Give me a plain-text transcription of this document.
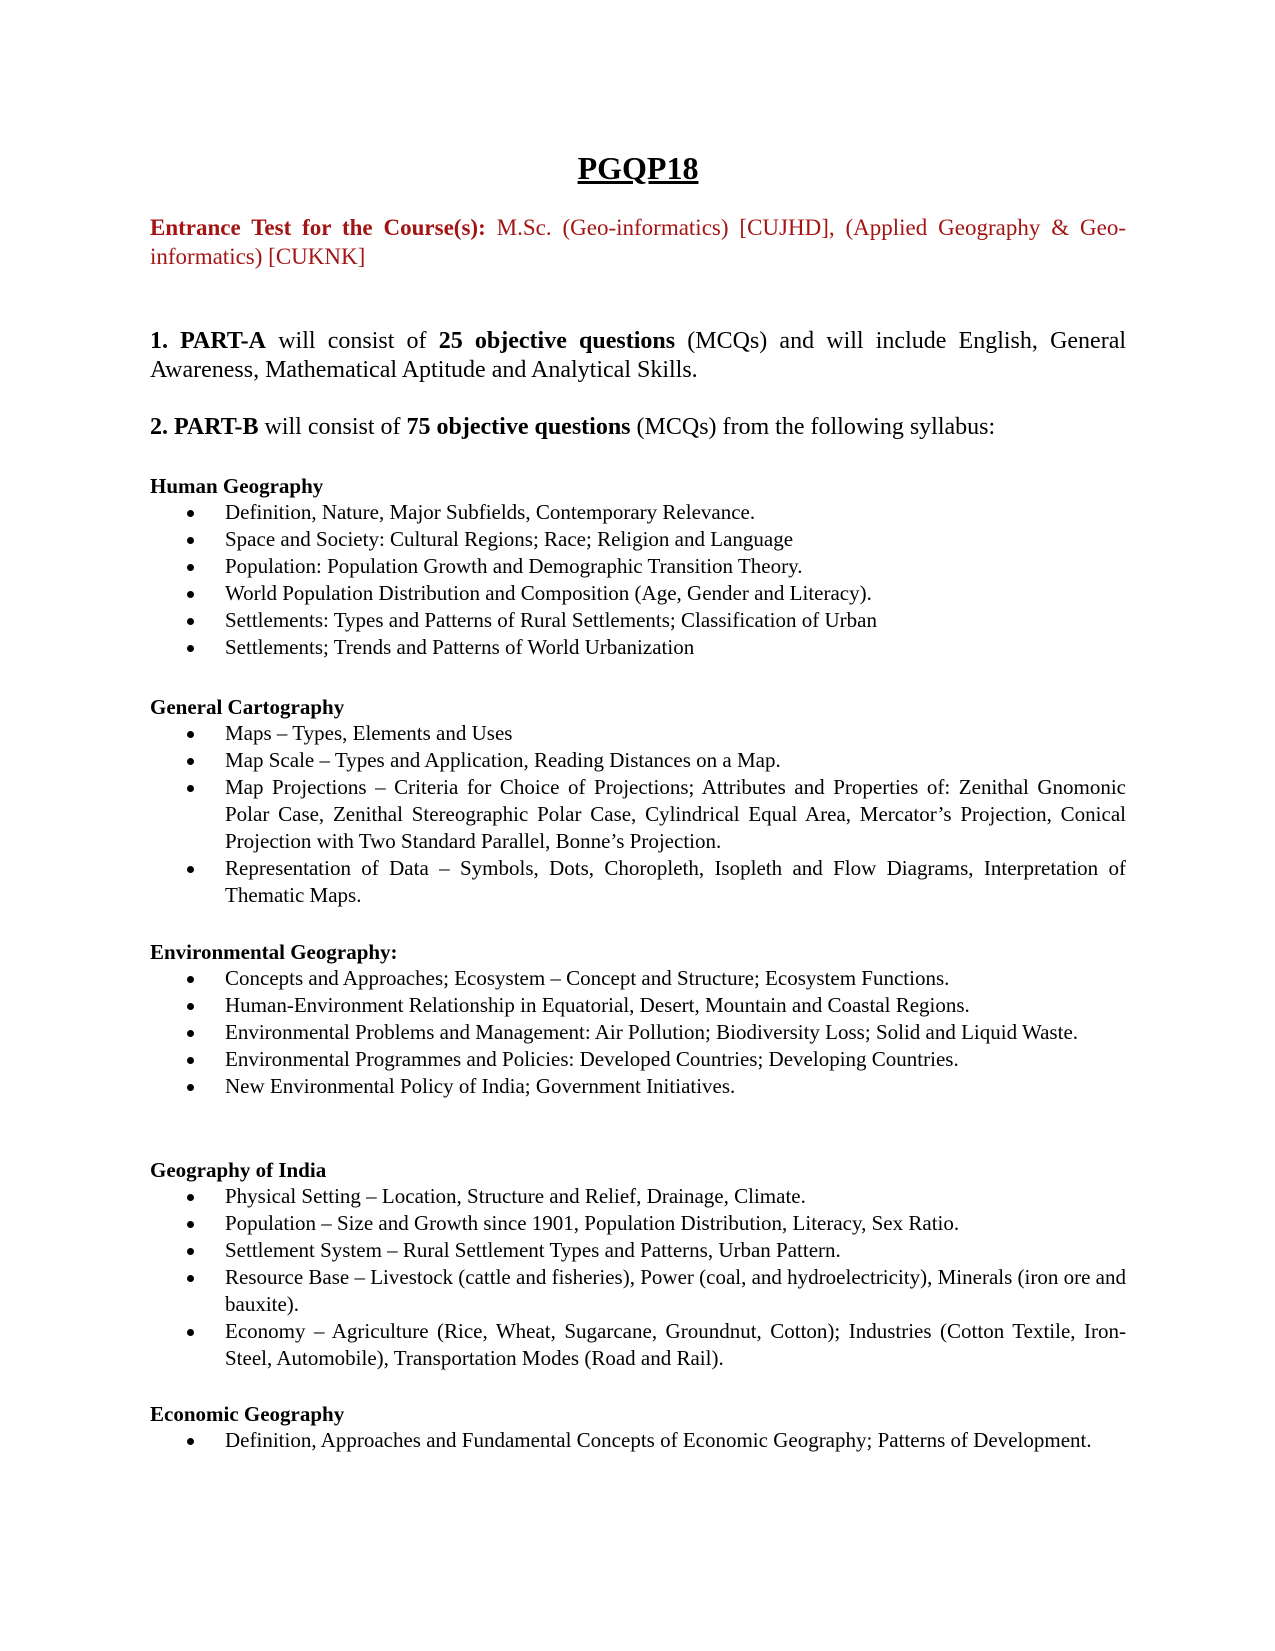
PGQP18
Entrance Test for the Course(s): M.Sc. (Geo-informatics) [CUJHD], (Applied Geography & Geo-informatics) [CUKNK]

1. PART-A will consist of 25 objective questions (MCQs) and will include English, General Awareness, Mathematical Aptitude and Analytical Skills.

2. PART-B will consist of 75 objective questions (MCQs) from the following syllabus:

Human Geography
Definition, Nature, Major Subfields, Contemporary Relevance.
Space and Society: Cultural Regions; Race; Religion and Language
Population: Population Growth and Demographic Transition Theory.
World Population Distribution and Composition (Age, Gender and Literacy).
Settlements: Types and Patterns of Rural Settlements; Classification of Urban
Settlements; Trends and Patterns of World Urbanization
General Cartography
Maps – Types, Elements and Uses
Map Scale – Types and Application, Reading Distances on a Map.
Map Projections – Criteria for Choice of Projections; Attributes and Properties of: Zenithal Gnomonic Polar Case, Zenithal Stereographic Polar Case, Cylindrical Equal Area, Mercator’s Projection, Conical Projection with Two Standard Parallel, Bonne’s Projection.
Representation of Data – Symbols, Dots, Choropleth, Isopleth and Flow Diagrams, Interpretation of Thematic Maps.
Environmental Geography:
Concepts and Approaches; Ecosystem – Concept and Structure; Ecosystem Functions.
Human-Environment Relationship in Equatorial, Desert, Mountain and Coastal Regions.
Environmental Problems and Management: Air Pollution; Biodiversity Loss; Solid and Liquid Waste.
Environmental Programmes and Policies: Developed Countries; Developing Countries.
New Environmental Policy of India; Government Initiatives.
Geography of India
Physical Setting – Location, Structure and Relief, Drainage, Climate.
Population – Size and Growth since 1901, Population Distribution, Literacy, Sex Ratio.
Settlement System – Rural Settlement Types and Patterns, Urban Pattern.
Resource Base – Livestock (cattle and fisheries), Power (coal, and hydroelectricity), Minerals (iron ore and bauxite).
Economy – Agriculture (Rice, Wheat, Sugarcane, Groundnut, Cotton); Industries (Cotton Textile, Iron- Steel, Automobile), Transportation Modes (Road and Rail).
Economic Geography
Definition, Approaches and Fundamental Concepts of Economic Geography; Patterns of Development.
